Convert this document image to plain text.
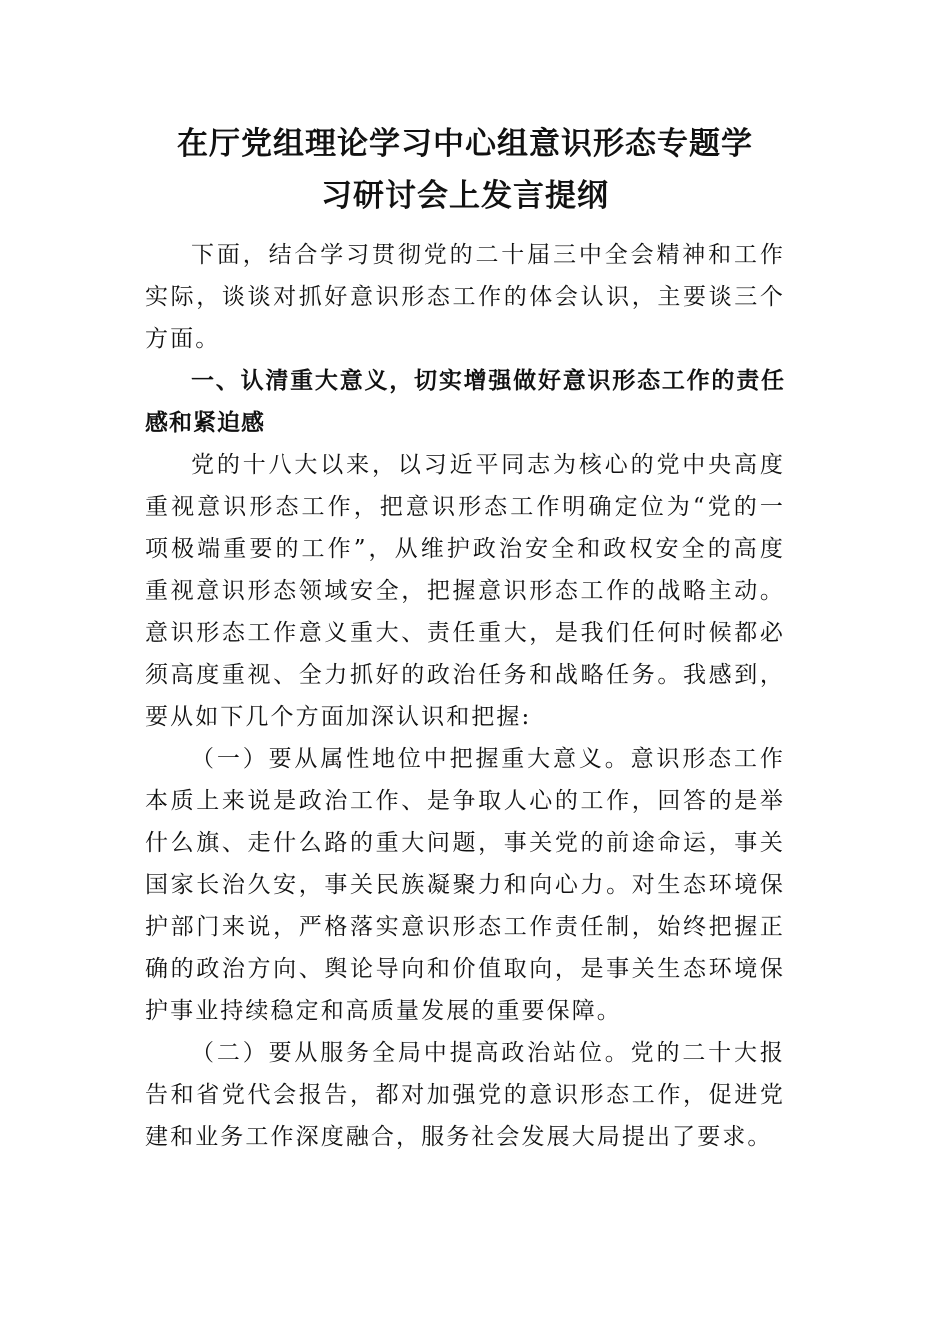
在厅党组理论学习中心组意识形态专题学
习研讨会上发言提纲

下面，结合学习贯彻党的二十届三中全会精神和工作实际，谈谈对抓好意识形态工作的体会认识，主要谈三个方面。

一、认清重大意义，切实增强做好意识形态工作的责任感和紧迫感

党的十八大以来，以习近平同志为核心的党中央高度重视意识形态工作，把意识形态工作明确定位为“党的一项极端重要的工作”，从维护政治安全和政权安全的高度重视意识形态领域安全，把握意识形态工作的战略主动。意识形态工作意义重大、责任重大，是我们任何时候都必须高度重视、全力抓好的政治任务和战略任务。我感到，要从如下几个方面加深认识和把握:

（一）要从属性地位中把握重大意义。意识形态工作本质上来说是政治工作、是争取人心的工作，回答的是举什么旗、走什么路的重大问题，事关党的前途命运，事关国家长治久安，事关民族凝聚力和向心力。对生态环境保护部门来说，严格落实意识形态工作责任制，始终把握正确的政治方向、舆论导向和价值取向，是事关生态环境保护事业持续稳定和高质量发展的重要保障。

（二）要从服务全局中提高政治站位。党的二十大报告和省党代会报告，都对加强党的意识形态工作，促进党建和业务工作深度融合，服务社会发展大局提出了要求。
